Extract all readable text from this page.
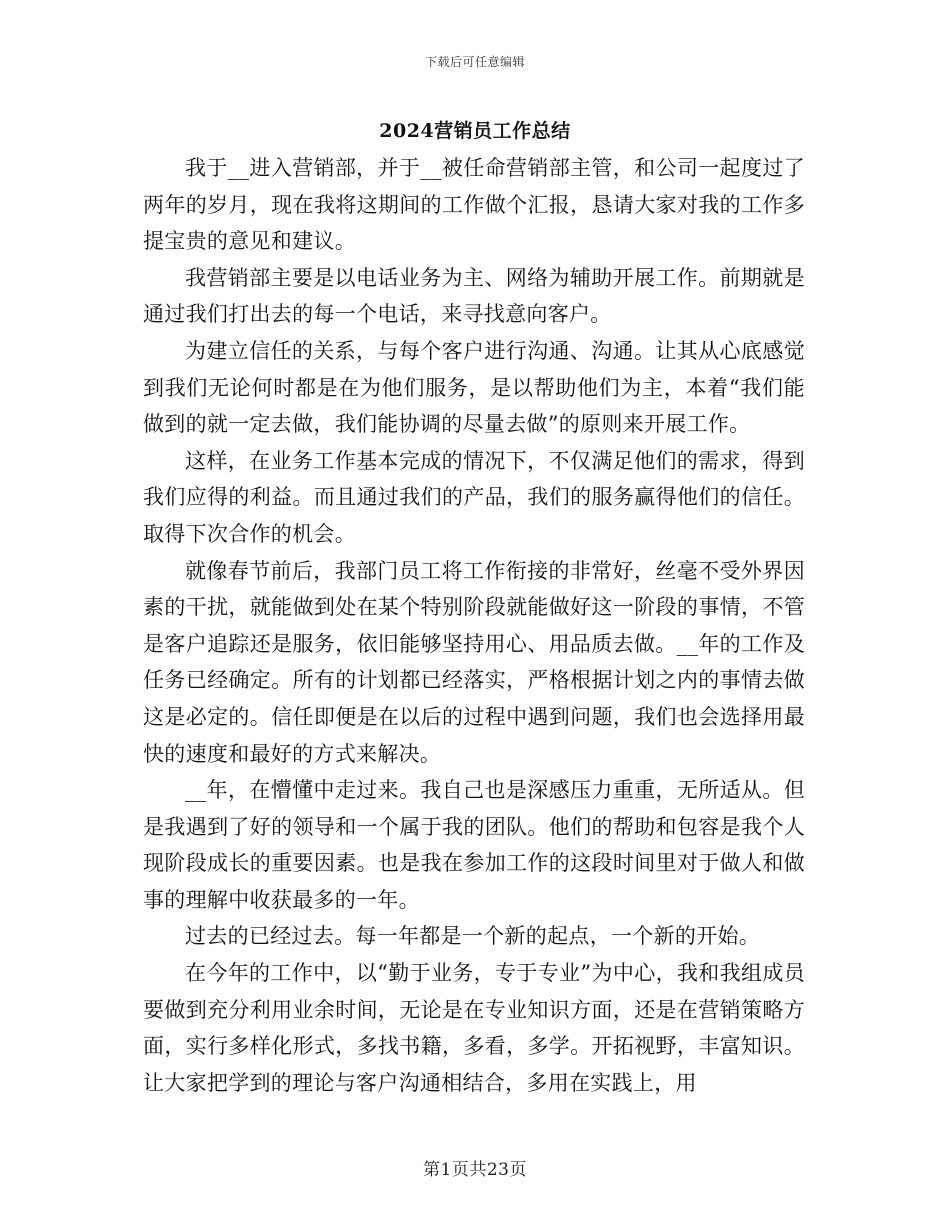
下载后可任意编辑
2024营销员工作总结

我于__进入营销部，并于__被任命营销部主管，和公司一起度过了两年的岁月，现在我将这期间的工作做个汇报，恳请大家对我的工作多提宝贵的意见和建议。

我营销部主要是以电话业务为主、网络为辅助开展工作。前期就是通过我们打出去的每一个电话，来寻找意向客户。

为建立信任的关系，与每个客户进行沟通、沟通。让其从心底感觉到我们无论何时都是在为他们服务，是以帮助他们为主，本着“我们能做到的就一定去做，我们能协调的尽量去做”的原则来开展工作。

这样，在业务工作基本完成的情况下，不仅满足他们的需求，得到我们应得的利益。而且通过我们的产品，我们的服务赢得他们的信任。取得下次合作的机会。

就像春节前后，我部门员工将工作衔接的非常好，丝毫不受外界因素的干扰，就能做到处在某个特别阶段就能做好这一阶段的事情，不管是客户追踪还是服务，依旧能够坚持用心、用品质去做。__年的工作及任务已经确定。所有的计划都已经落实，严格根据计划之内的事情去做这是必定的。信任即便是在以后的过程中遇到问题，我们也会选择用最快的速度和最好的方式来解决。

__年，在懵懂中走过来。我自己也是深感压力重重，无所适从。但是我遇到了好的领导和一个属于我的团队。他们的帮助和包容是我个人现阶段成长的重要因素。也是我在参加工作的这段时间里对于做人和做事的理解中收获最多的一年。

过去的已经过去。每一年都是一个新的起点，一个新的开始。

在今年的工作中，以“勤于业务，专于专业”为中心，我和我组成员要做到充分利用业余时间，无论是在专业知识方面，还是在营销策略方面，实行多样化形式，多找书籍，多看，多学。开拓视野，丰富知识。让大家把学到的理论与客户沟通相结合，多用在实践上，用

第1页共23页
